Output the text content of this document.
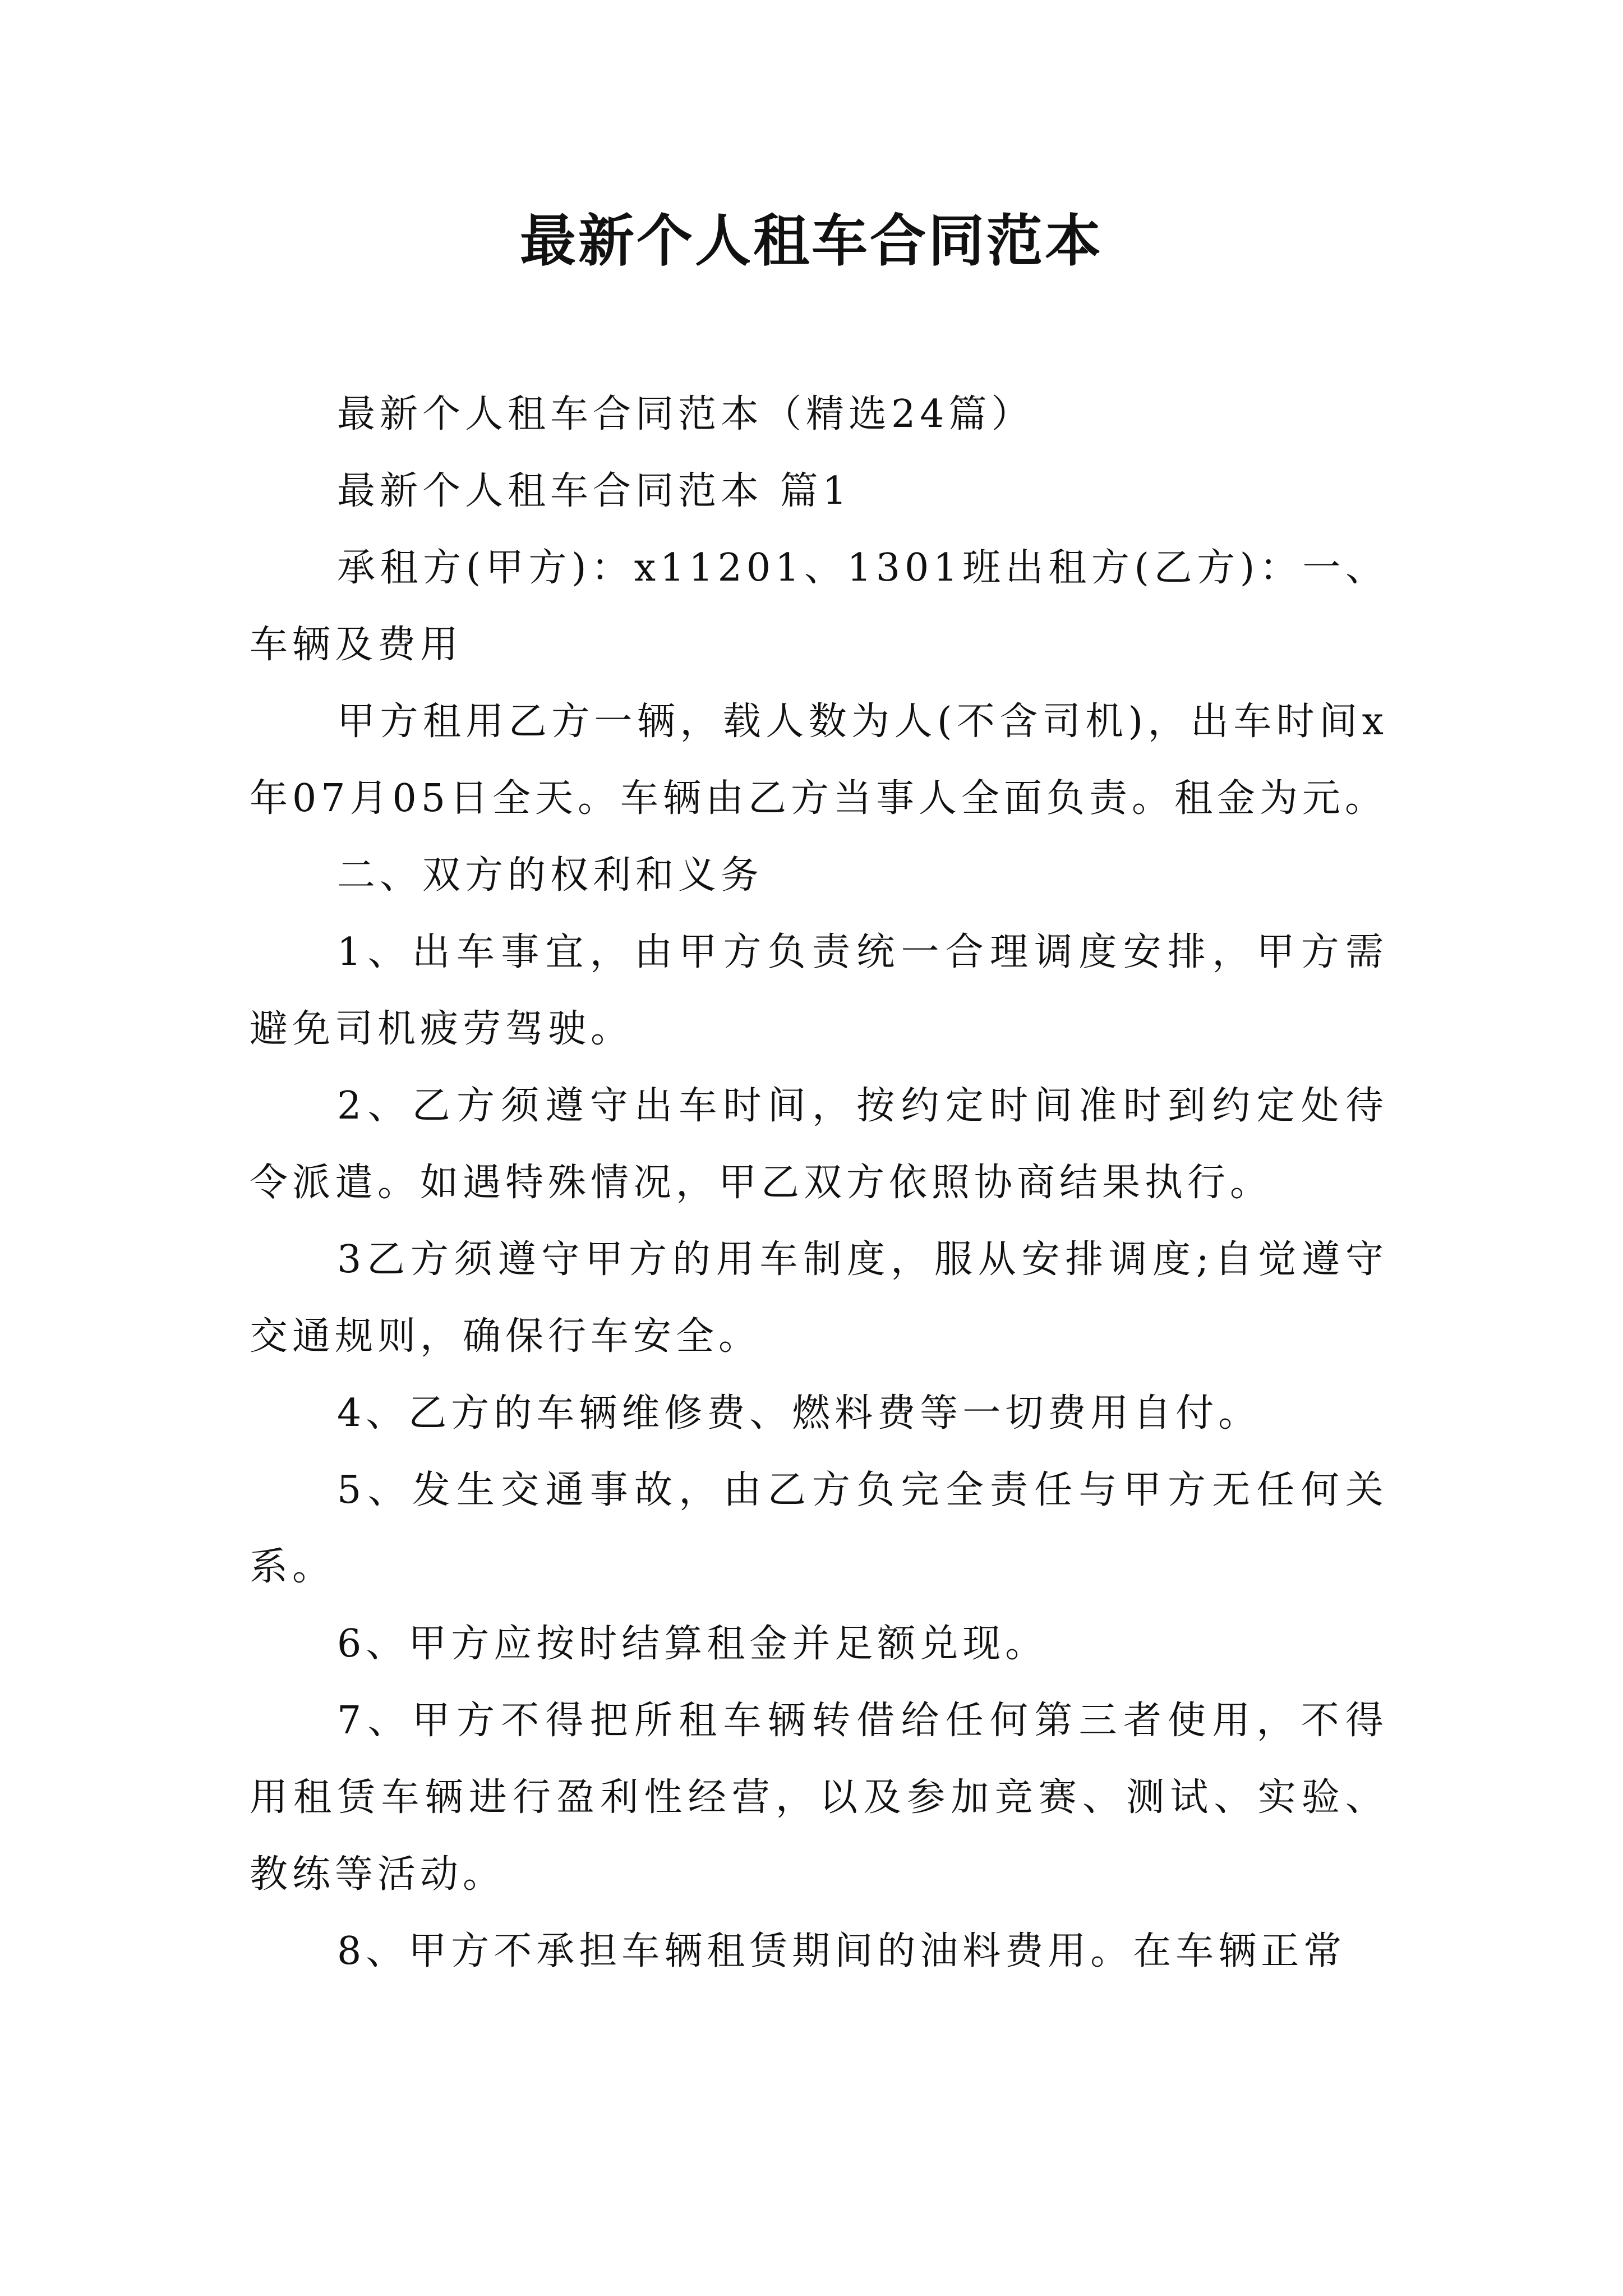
最新个人租车合同范本

最新个人租车合同范本（精选24篇）

最新个人租车合同范本 篇1

承租方(甲方)：x11201、1301班出租方(乙方)：一、车辆及费用

甲方租用乙方一辆，载人数为人(不含司机)，出车时间x年07月05日全天。车辆由乙方当事人全面负责。租金为元。

二、双方的权利和义务

1、出车事宜，由甲方负责统一合理调度安排，甲方需避免司机疲劳驾驶。

2、乙方须遵守出车时间，按约定时间准时到约定处待令派遣。如遇特殊情况，甲乙双方依照协商结果执行。

3乙方须遵守甲方的用车制度，服从安排调度;自觉遵守交通规则，确保行车安全。

4、乙方的车辆维修费、燃料费等一切费用自付。

5、发生交通事故，由乙方负完全责任与甲方无任何关系。

6、甲方应按时结算租金并足额兑现。

7、甲方不得把所租车辆转借给任何第三者使用，不得用租赁车辆进行盈利性经营，以及参加竞赛、测试、实验、教练等活动。

8、甲方不承担车辆租赁期间的油料费用。在车辆正常
